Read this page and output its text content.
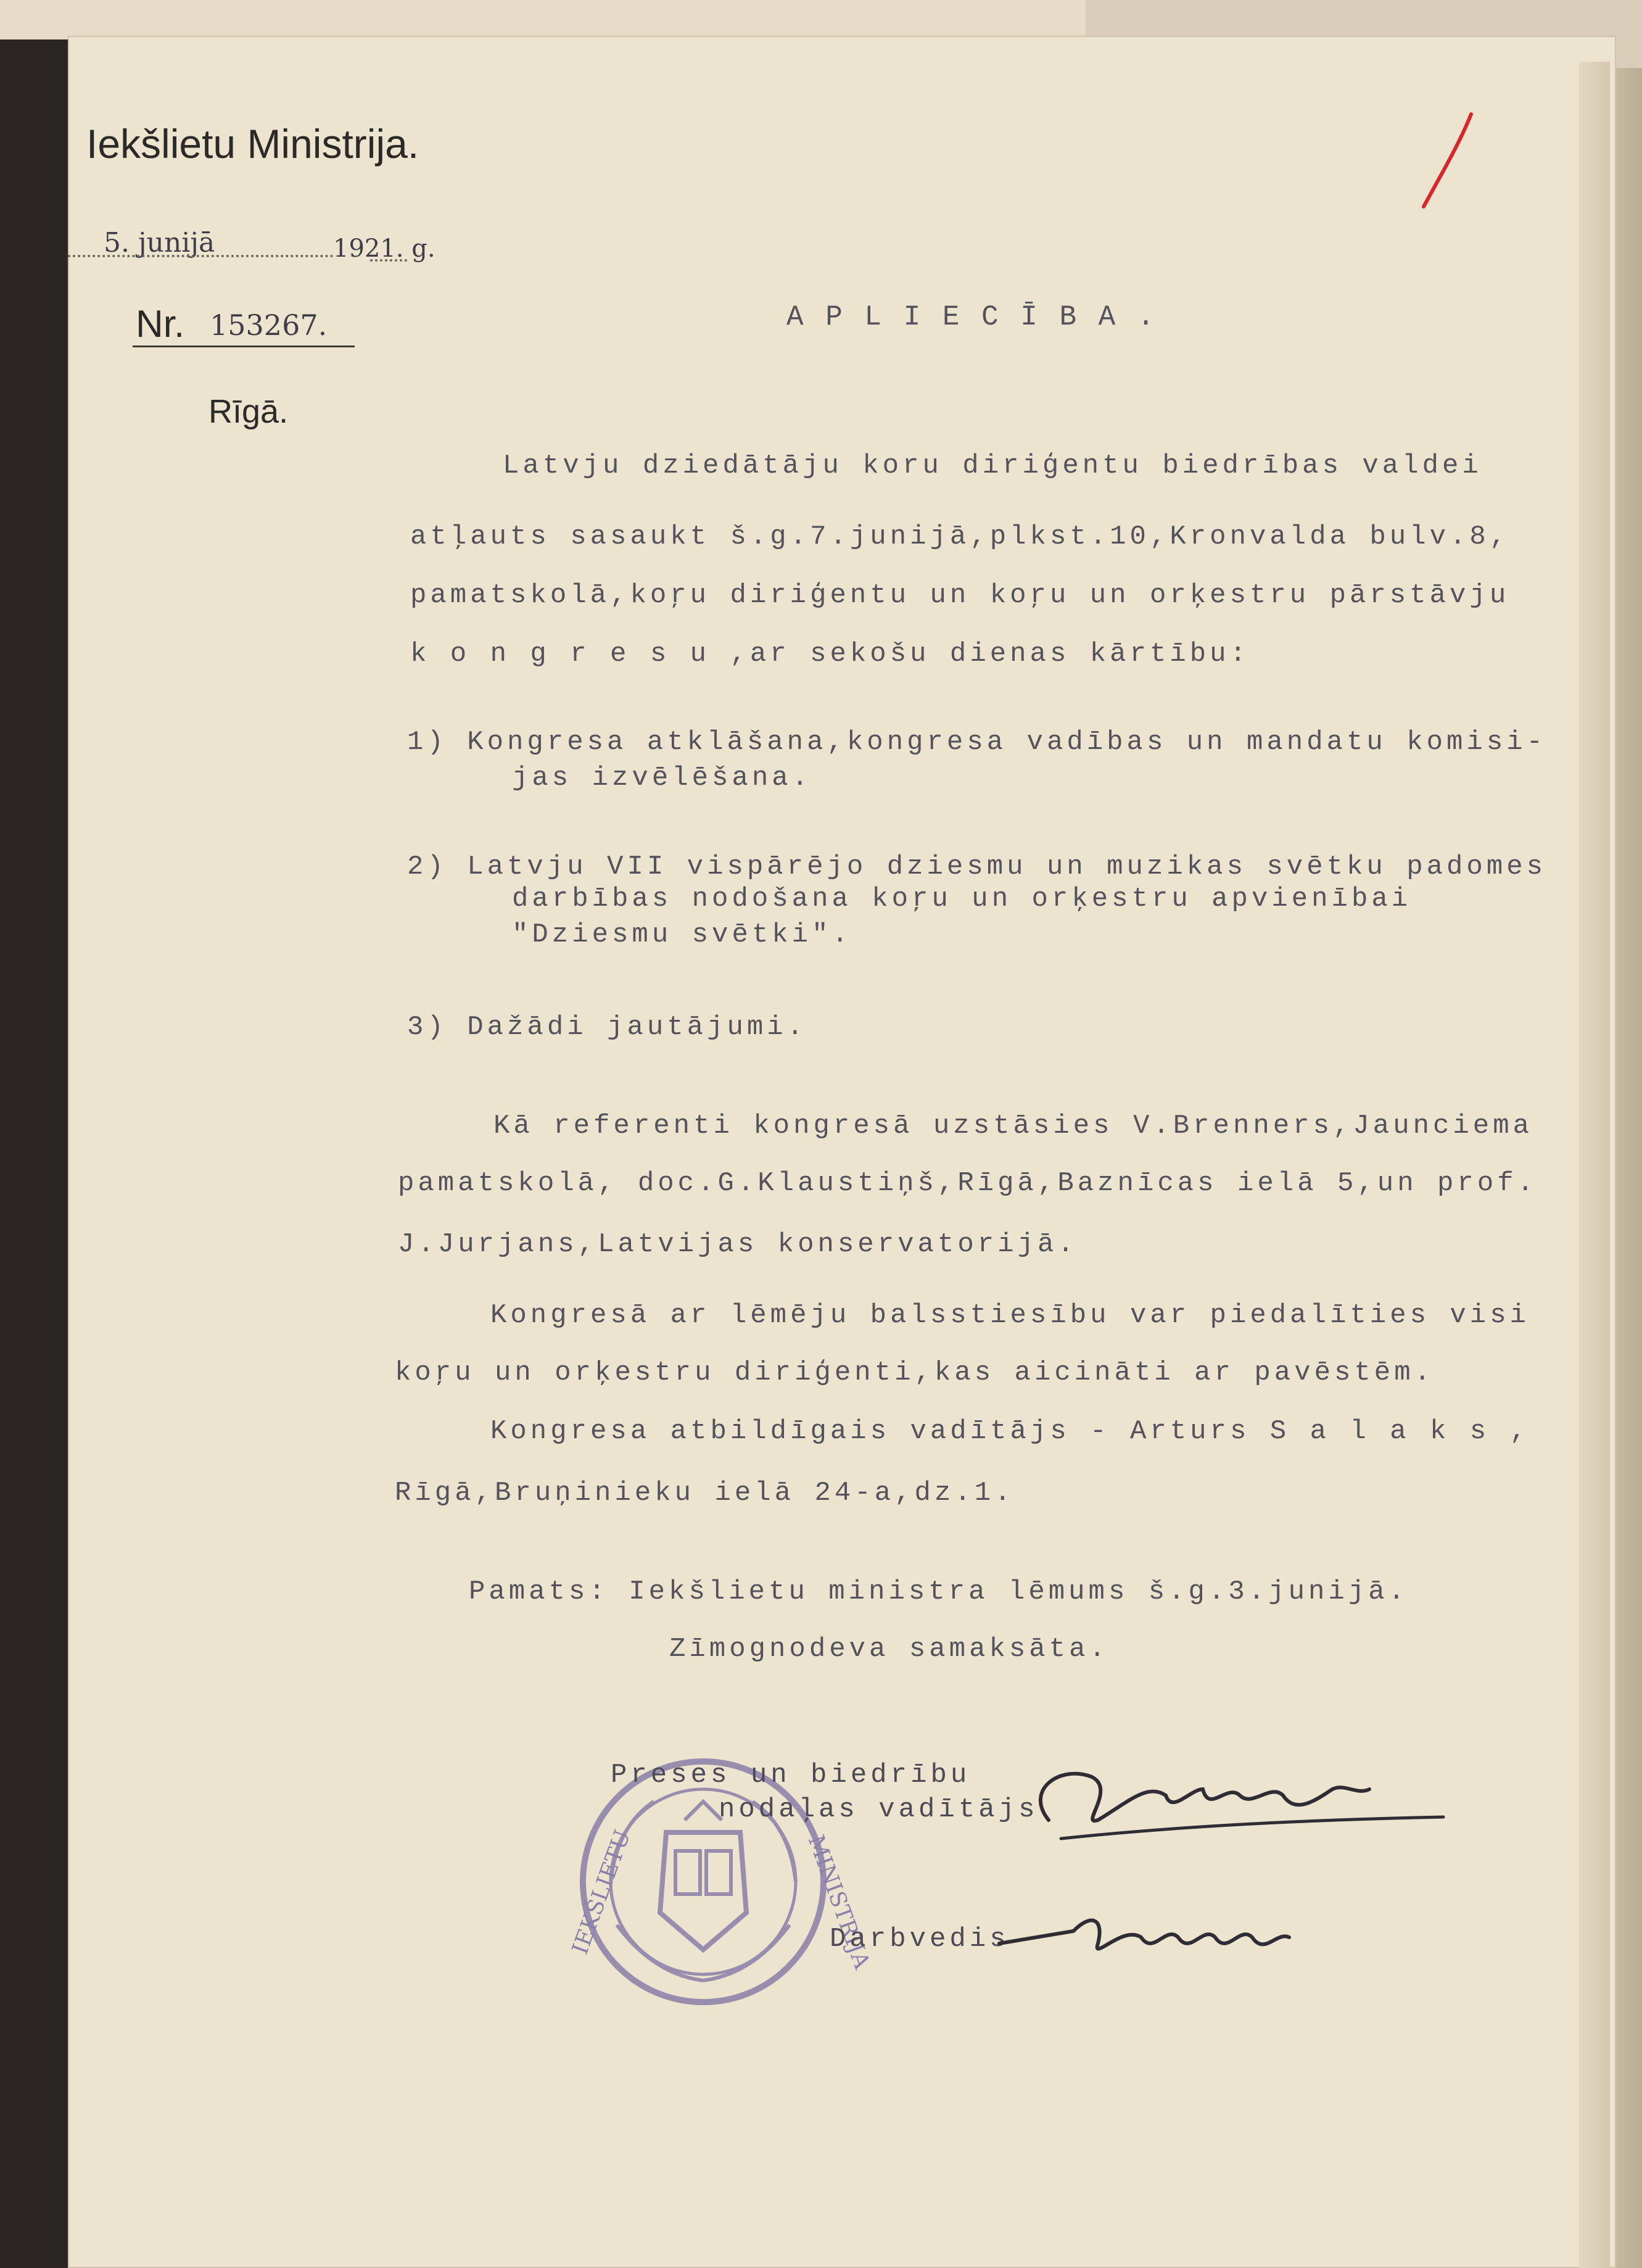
Iekšlietu Ministrija.
5. junijā	1921. g.
Nr. 153267.
Rīgā.
A P L I E C Ī B A .
Latvju dziedātāju koru diriģentu biedrības valdei
atļauts sasaukt š.g.7.junijā,plkst.10,Kronvalda bulv.8,
pamatskolā,koŗu diriģentu un koŗu un orķestru pārstāvju
k o n g r e s u ,ar sekošu dienas kārtību:
1) Kongresa atklāšana,kongresa vadības un mandatu komisi-
jas izvēlēšana.
2) Latvju VII vispārējo dziesmu un muzikas svētku padomes
darbības nodošana koŗu un orķestru apvienībai
"Dziesmu svētki".
3) Dažādi jautājumi.
Kā referenti kongresā uzstāsies V.Brenners,Jaunciema
pamatskolā, doc.G.Klaustiņš,Rīgā,Baznīcas ielā 5,un prof.
J.Jurjans,Latvijas konservatorijā.
Kongresā ar lēmēju balsstiesību var piedalīties visi
koŗu un orķestru diriģenti,kas aicināti ar pavēstēm.
Kongresa atbildīgais vadītājs - Arturs S a l a k s ,
Rīgā,Bruņinieku ielā 24-a,dz.1.
Pamats: Iekšlietu ministra lēmums š.g.3.junijā.
Zīmognodeva samaksāta.
IEKŠLIETU	MINISTRIJA
Preses un biedrību
nodaļas vadītājs
Darbvedis
